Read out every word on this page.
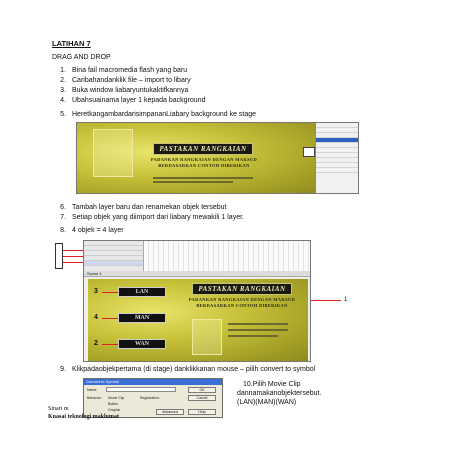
LATIHAN 7
DRAG AND DROP
1. Bina fail macromedia flash yang baru
2. Caribahandanklik file – import to libary
3. Buka window liabaryuntukaktifkannya
4. Ubahsuainama layer 1 kepada background
5. HeretkangambardarisimpananLiabary background ke stage
PASTAKAN RANGKAIAN
PADANKAN RANGKAIAN DENGAN MAKSUD BERDASARKAN CONTOH DIBERIKAN
6. Tambah layer baru dan renamekan objek tersebut
7. Setiap objek yang diimport dari liabary mewakili 1 layer.
8. 4 objek = 4 layer
Scene 1
PASTAKAN RANGKAIAN
PADANKAN RANGKAIAN DENGAN MAKSUD BERDASARKAN CONTOH DIBERIKAN
LAN
MAN
WAN
3
4
2
1
9. Klikpadaobjekpertama (di stage) danklikkanan mouse – pilih convert to symbol
Convert to Symbol
Name:
Behavior: Movie Clip
Button
Graphic
Registration:
OK
Cancel
Help
Advanced
10.Pilih Movie Clip
dannamakanobjektersebut.
(LAN)(MAN)(WAN)
Sinari m
Kuasai teknologi maklumat
